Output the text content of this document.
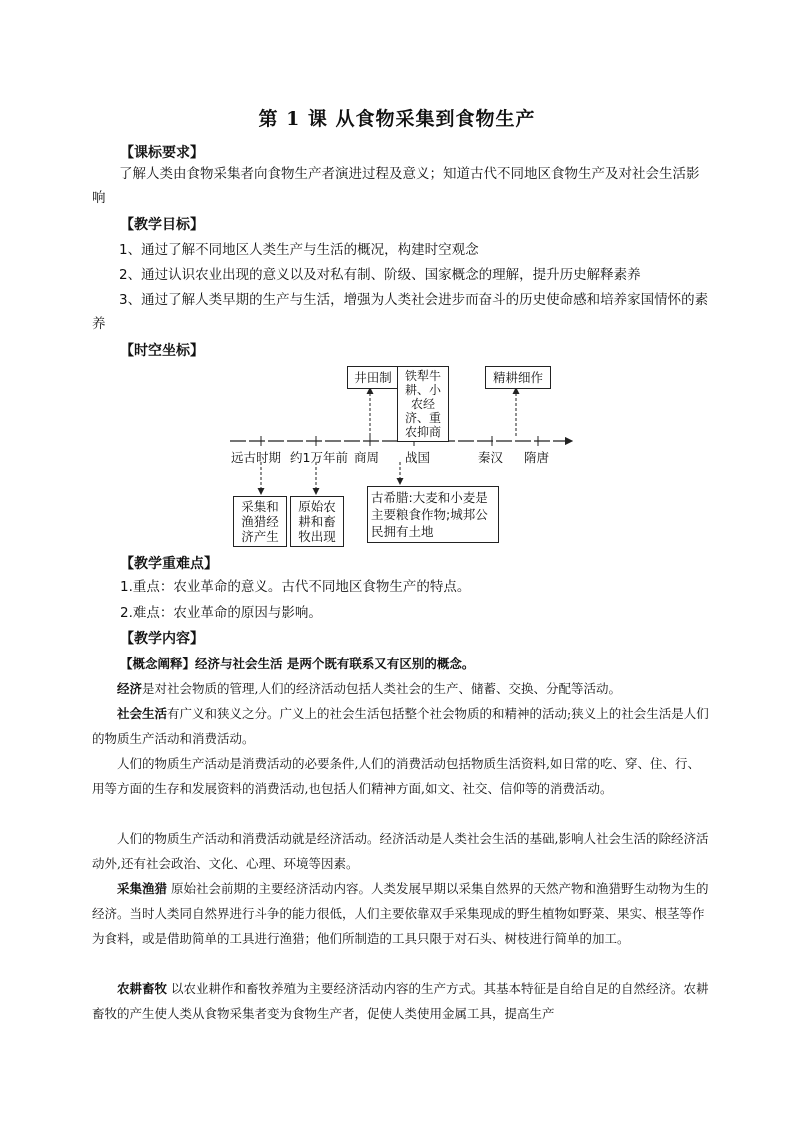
第 1 课 从食物采集到食物生产
【课标要求】
了解人类由食物采集者向食物生产者演进过程及意义；知道古代不同地区食物生产及对社会生活影响
【教学目标】
1、通过了解不同地区人类生产与生活的概况，构建时空观念
2、通过认识农业出现的意义以及对私有制、阶级、国家概念的理解，提升历史解释素养
3、通过了解人类早期的生产与生活，增强为人类社会进步而奋斗的历史使命感和培养家国情怀的素养
【时空坐标】
井田制	铁犁牛耕、小农经济、重农抑商
精耕细作
远古时期 约1万年前 商周 战国	秦汉 隋唐
采集和渔猎经济产生
原始农耕和畜牧出现
古希腊:大麦和小麦是主要粮食作物;城邦公民拥有土地
【教学重难点】
1.重点：农业革命的意义。古代不同地区食物生产的特点。
2.难点：农业革命的原因与影响。
【教学内容】
【概念阐释】经济与社会生活 是两个既有联系又有区别的概念。
经济是对社会物质的管理,人们的经济活动包括人类社会的生产、储蓄、交换、分配等活动。
社会生活有广义和狭义之分。广义上的社会生活包括整个社会物质的和精神的活动;狭义上的社会生活是人们的物质生产活动和消费活动。
人们的物质生产活动是消费活动的必要条件,人们的消费活动包括物质生活资料,如日常的吃、穿、住、行、用等方面的生存和发展资料的消费活动,也包括人们精神方面,如文、社交、信仰等的消费活动。
人们的物质生产活动和消费活动就是经济活动。经济活动是人类社会生活的基础,影响人社会生活的除经济活动外,还有社会政治、文化、心理、环境等因素。
采集渔猎 原始社会前期的主要经济活动内容。人类发展早期以采集自然界的天然产物和渔猎野生动物为生的经济。当时人类同自然界进行斗争的能力很低，人们主要依靠双手采集现成的野生植物如野菜、果实、根茎等作为食料，或是借助简单的工具进行渔猎；他们所制造的工具只限于对石头、树枝进行简单的加工。
农耕畜牧 以农业耕作和畜牧养殖为主要经济活动内容的生产方式。其基本特征是自给自足的自然经济。农耕畜牧的产生使人类从食物采集者变为食物生产者，促使人类使用金属工具，提高生产
